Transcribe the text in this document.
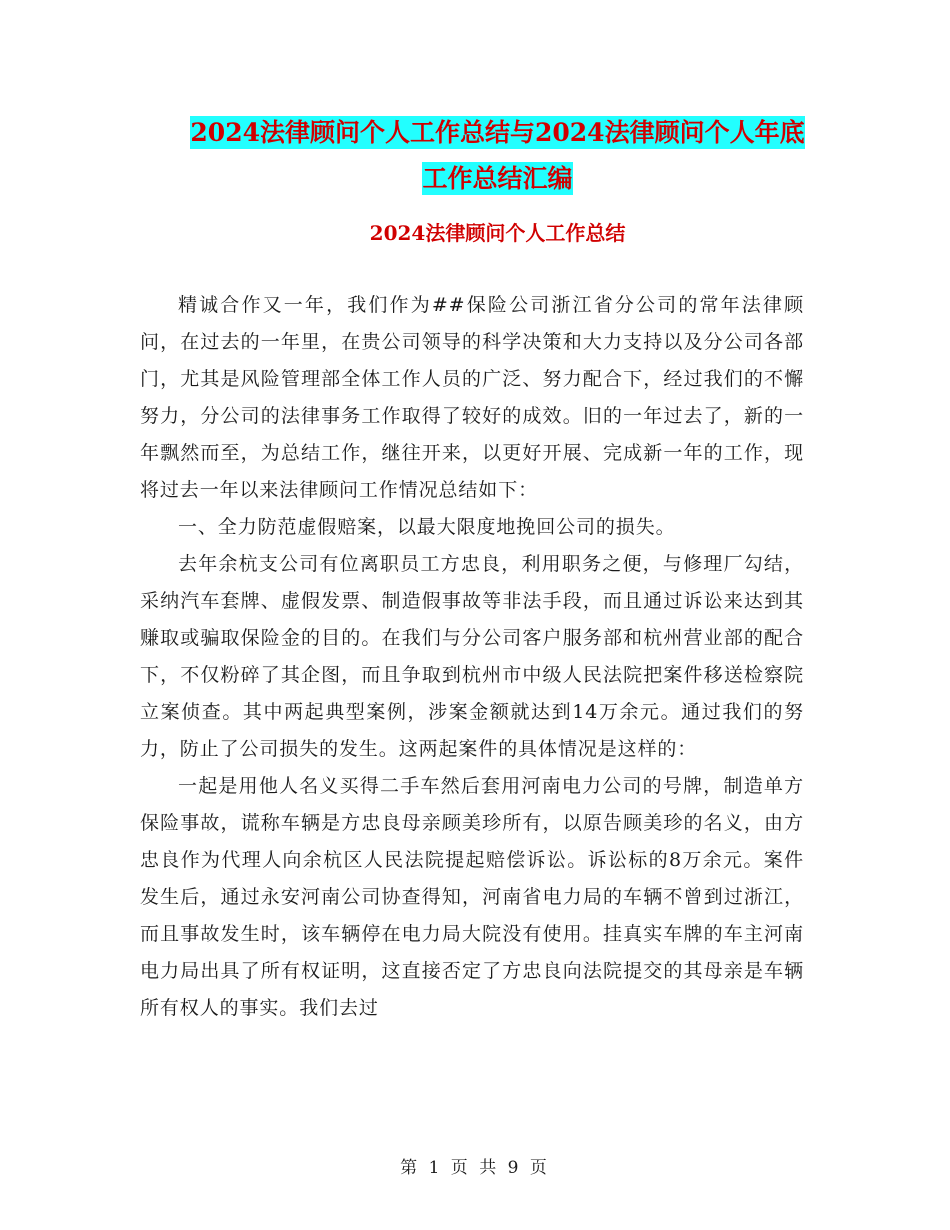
2024法律顾问个人工作总结与2024法律顾问个人年底
工作总结汇编
2024法律顾问个人工作总结

精诚合作又一年，我们作为##保险公司浙江省分公司的常年法律顾问，在过去的一年里，在贵公司领导的科学决策和大力支持以及分公司各部门，尤其是风险管理部全体工作人员的广泛、努力配合下，经过我们的不懈努力，分公司的法律事务工作取得了较好的成效。旧的一年过去了，新的一年飘然而至，为总结工作，继往开来，以更好开展、完成新一年的工作，现将过去一年以来法律顾问工作情况总结如下：

一、全力防范虚假赔案，以最大限度地挽回公司的损失。

去年余杭支公司有位离职员工方忠良，利用职务之便，与修理厂勾结，采纳汽车套牌、虚假发票、制造假事故等非法手段，而且通过诉讼来达到其赚取或骗取保险金的目的。在我们与分公司客户服务部和杭州营业部的配合下，不仅粉碎了其企图，而且争取到杭州市中级人民法院把案件移送检察院立案侦查。其中两起典型案例，涉案金额就达到14万余元。通过我们的努力，防止了公司损失的发生。这两起案件的具体情况是这样的：

一起是用他人名义买得二手车然后套用河南电力公司的号牌，制造单方保险事故，谎称车辆是方忠良母亲顾美珍所有，以原告顾美珍的名义，由方忠良作为代理人向余杭区人民法院提起赔偿诉讼。诉讼标的8万余元。案件发生后，通过永安河南公司协查得知，河南省电力局的车辆不曾到过浙江，而且事故发生时，该车辆停在电力局大院没有使用。挂真实车牌的车主河南电力局出具了所有权证明，这直接否定了方忠良向法院提交的其母亲是车辆所有权人的事实。我们去过

第 1 页 共 9 页
